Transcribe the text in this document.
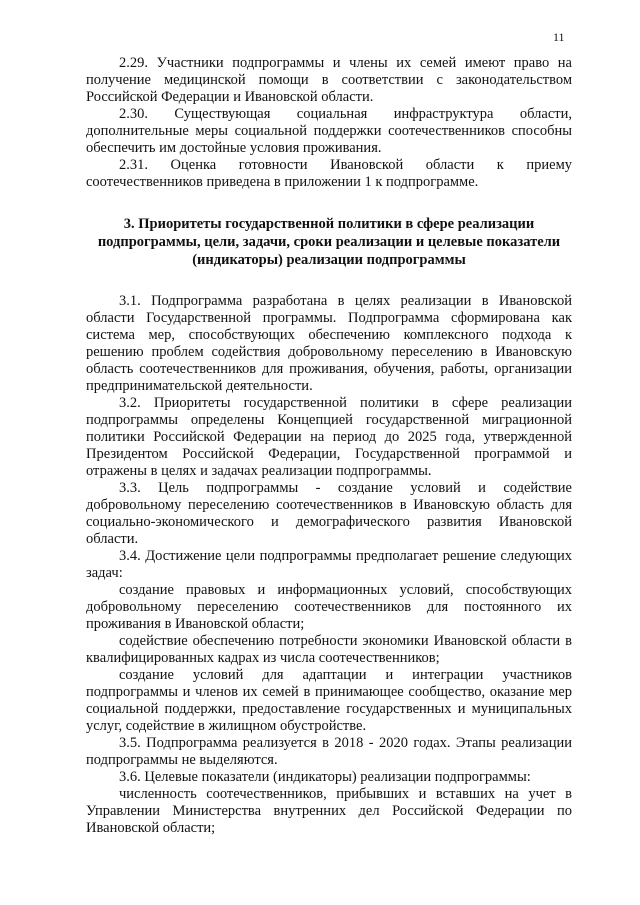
11

2.29. Участники подпрограммы и члены их семей имеют право на получение медицинской помощи в соответствии с законодательством Российской Федерации и Ивановской области.

2.30. Существующая социальная инфраструктура области, дополнительные меры социальной поддержки соотечественников способны обеспечить им достойные условия проживания.

2.31. Оценка готовности Ивановской области к приему соотечественников приведена в приложении 1 к подпрограмме.

3. Приоритеты государственной политики в сфере реализации подпрограммы, цели, задачи, сроки реализации и целевые показатели (индикаторы) реализации подпрограммы

3.1. Подпрограмма разработана в целях реализации в Ивановской области Государственной программы. Подпрограмма сформирована как система мер, способствующих обеспечению комплексного подхода к решению проблем содействия добровольному переселению в Ивановскую область соотечественников для проживания, обучения, работы, организации предпринимательской деятельности.

3.2. Приоритеты государственной политики в сфере реализации подпрограммы определены Концепцией государственной миграционной политики Российской Федерации на период до 2025 года, утвержденной Президентом Российской Федерации, Государственной программой и отражены в целях и задачах реализации подпрограммы.

3.3. Цель подпрограммы - создание условий и содействие добровольному переселению соотечественников в Ивановскую область для социально-экономического и демографического развития Ивановской области.

3.4. Достижение цели подпрограммы предполагает решение следующих задач:

создание правовых и информационных условий, способствующих добровольному переселению соотечественников для постоянного их проживания в Ивановской области;

содействие обеспечению потребности экономики Ивановской области в квалифицированных кадрах из числа соотечественников;

создание условий для адаптации и интеграции участников подпрограммы и членов их семей в принимающее сообщество, оказание мер социальной поддержки, предоставление государственных и муниципальных услуг, содействие в жилищном обустройстве.

3.5. Подпрограмма реализуется в 2018 - 2020 годах. Этапы реализации подпрограммы не выделяются.

3.6. Целевые показатели (индикаторы) реализации подпрограммы:

численность соотечественников, прибывших и вставших на учет в Управлении Министерства внутренних дел Российской Федерации по Ивановской области;
